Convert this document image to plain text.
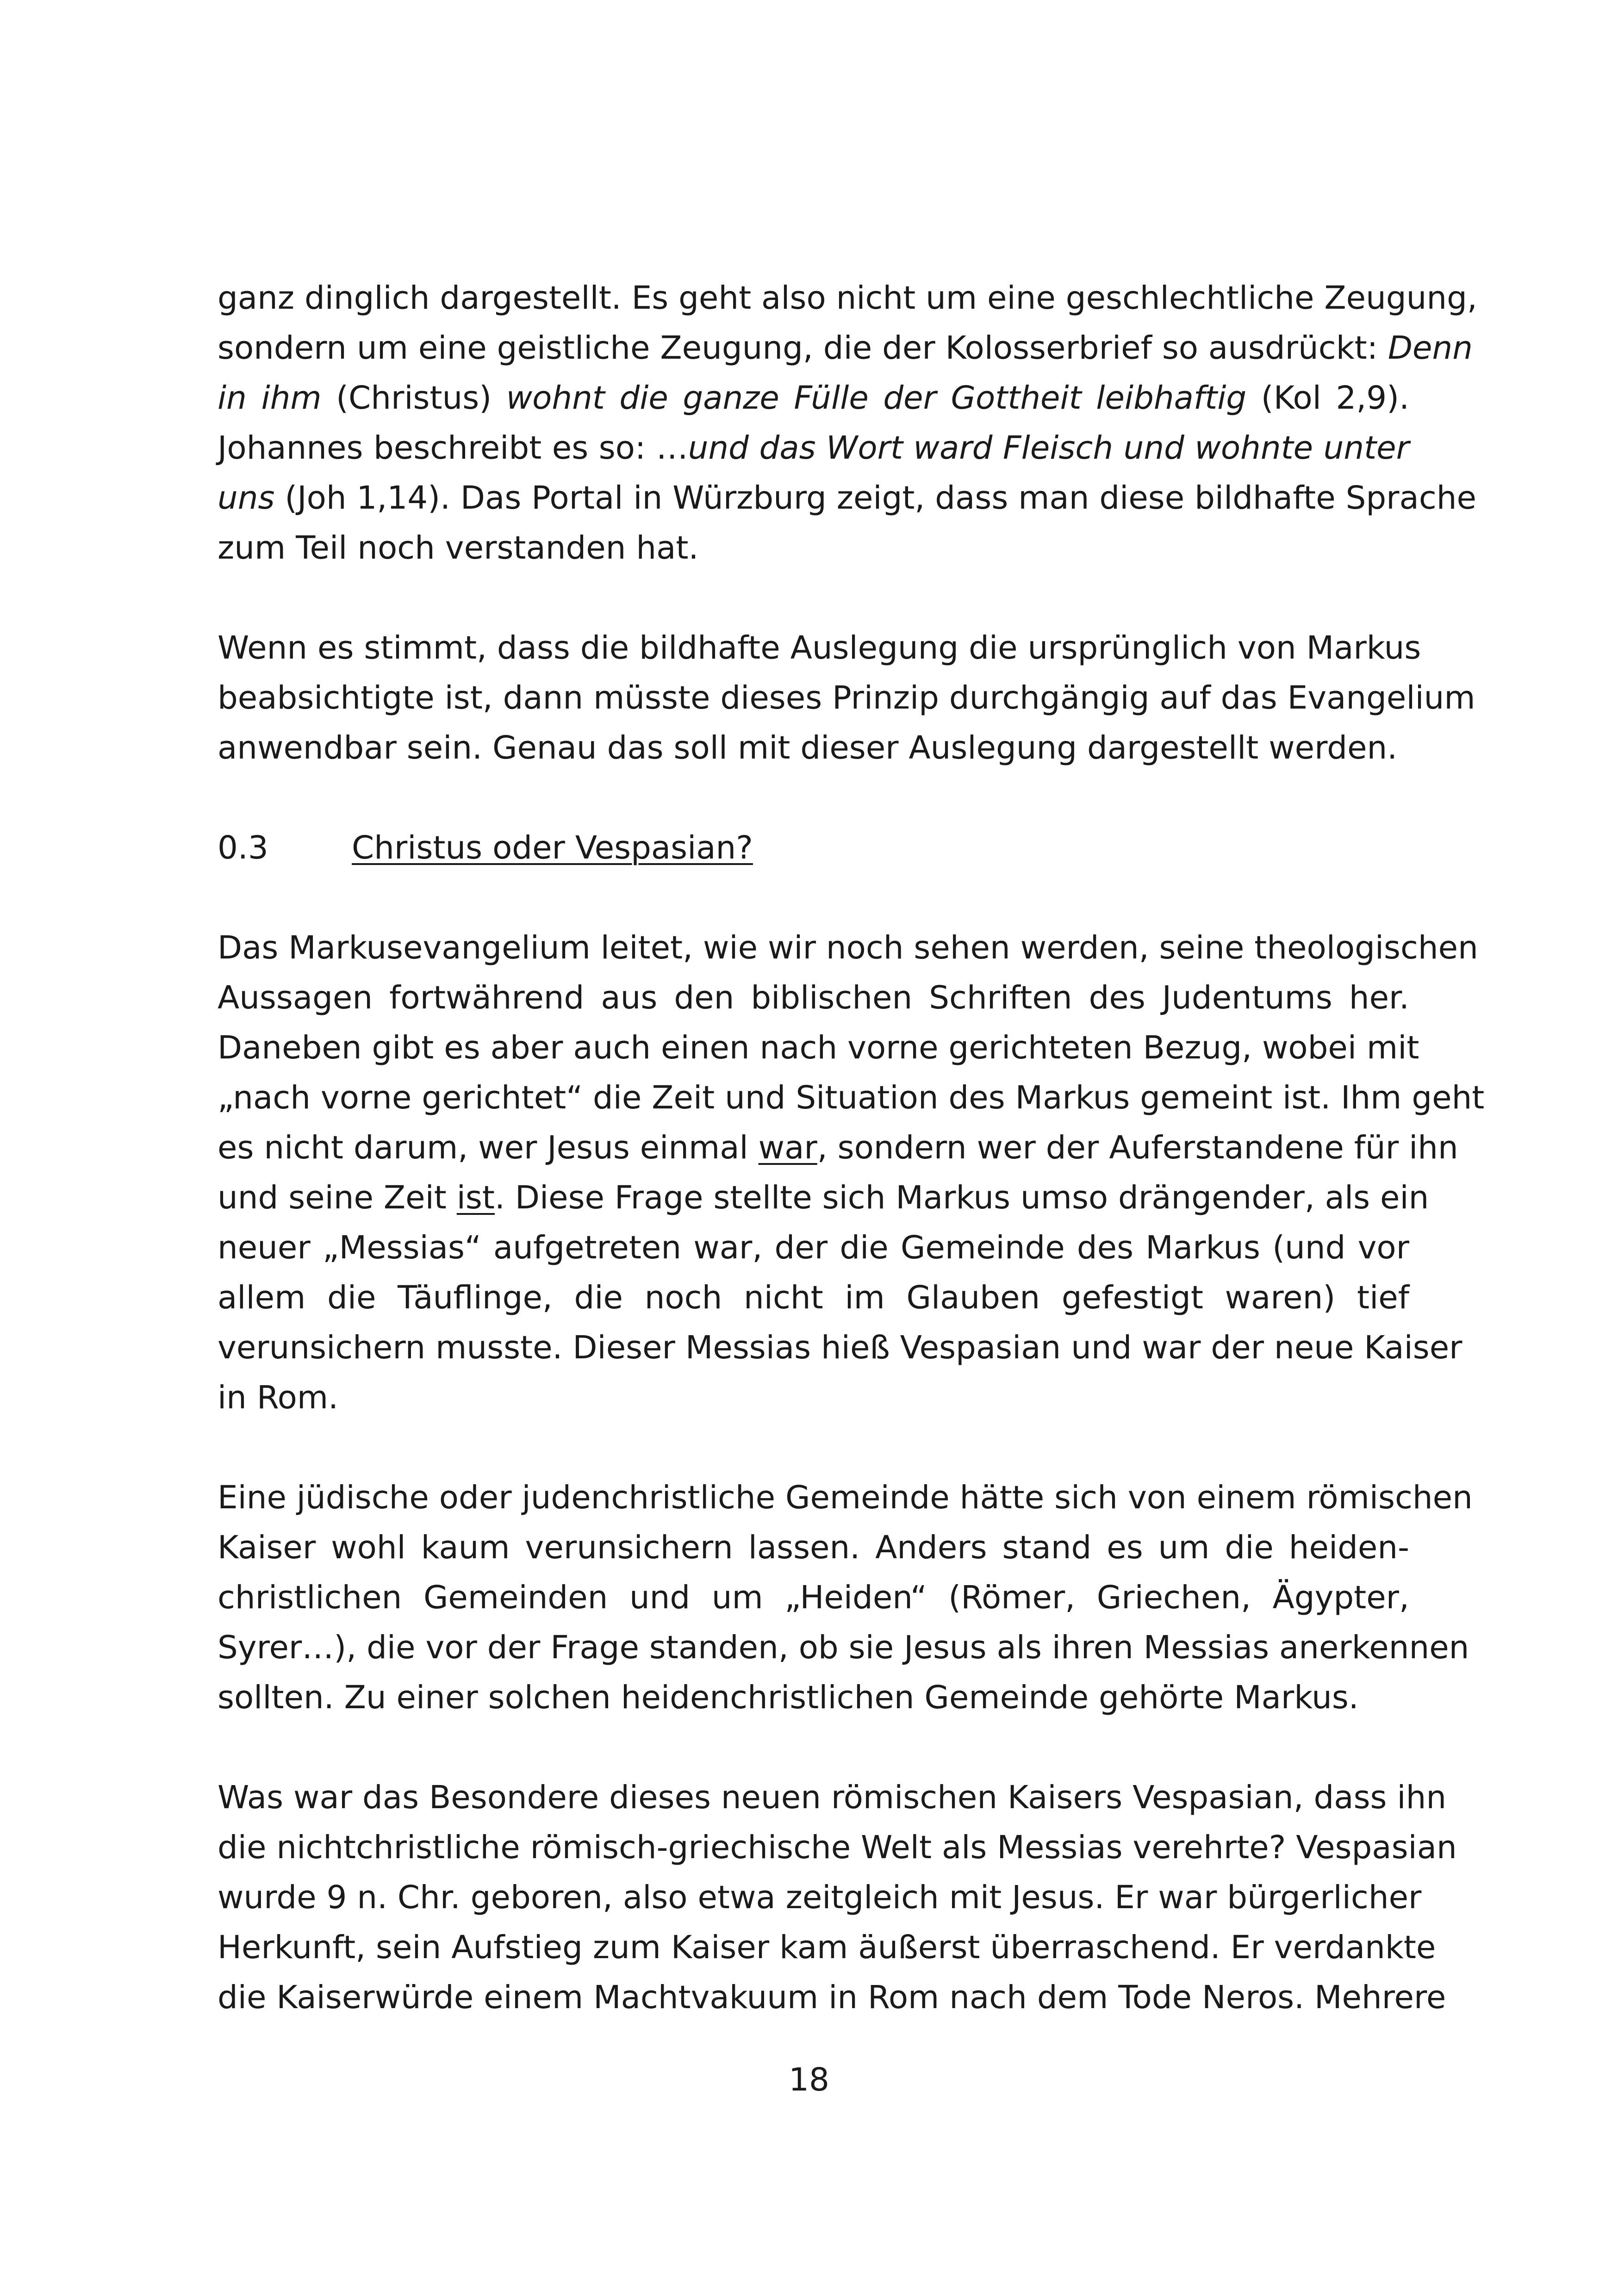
ganz dinglich dargestellt. Es geht also nicht um eine geschlechtliche Zeugung,
sondern um eine geistliche Zeugung, die der Kolosserbrief so ausdrückt: Denn
in ihm (Christus) wohnt die ganze Fülle der Gottheit leibhaftig (Kol 2,9).
Johannes beschreibt es so: …und das Wort ward Fleisch und wohnte unter
uns (Joh 1,14). Das Portal in Würzburg zeigt, dass man diese bildhafte Sprache
zum Teil noch verstanden hat.
Wenn es stimmt, dass die bildhafte Auslegung die ursprünglich von Markus
beabsichtigte ist, dann müsste dieses Prinzip durchgängig auf das Evangelium
anwendbar sein. Genau das soll mit dieser Auslegung dargestellt werden.
0.3	Christus oder Vespasian?
Das Markusevangelium leitet, wie wir noch sehen werden, seine theologischen
Aussagen fortwährend aus den biblischen Schriften des Judentums her.
Daneben gibt es aber auch einen nach vorne gerichteten Bezug, wobei mit
„nach vorne gerichtet“ die Zeit und Situation des Markus gemeint ist. Ihm geht
es nicht darum, wer Jesus einmal war, sondern wer der Auferstandene für ihn
und seine Zeit ist. Diese Frage stellte sich Markus umso drängender, als ein
neuer „Messias“ aufgetreten war, der die Gemeinde des Markus (und vor
allem die Täuflinge, die noch nicht im Glauben gefestigt waren) tief
verunsichern musste. Dieser Messias hieß Vespasian und war der neue Kaiser
in Rom.
Eine jüdische oder judenchristliche Gemeinde hätte sich von einem römischen
Kaiser wohl kaum verunsichern lassen. Anders stand es um die heiden-
christlichen Gemeinden und um „Heiden“ (Römer, Griechen, Ägypter,
Syrer…), die vor der Frage standen, ob sie Jesus als ihren Messias anerkennen
sollten. Zu einer solchen heidenchristlichen Gemeinde gehörte Markus.
Was war das Besondere dieses neuen römischen Kaisers Vespasian, dass ihn
die nichtchristliche römisch-griechische Welt als Messias verehrte? Vespasian
wurde 9 n. Chr. geboren, also etwa zeitgleich mit Jesus. Er war bürgerlicher
Herkunft, sein Aufstieg zum Kaiser kam äußerst überraschend. Er verdankte
die Kaiserwürde einem Machtvakuum in Rom nach dem Tode Neros. Mehrere
18
